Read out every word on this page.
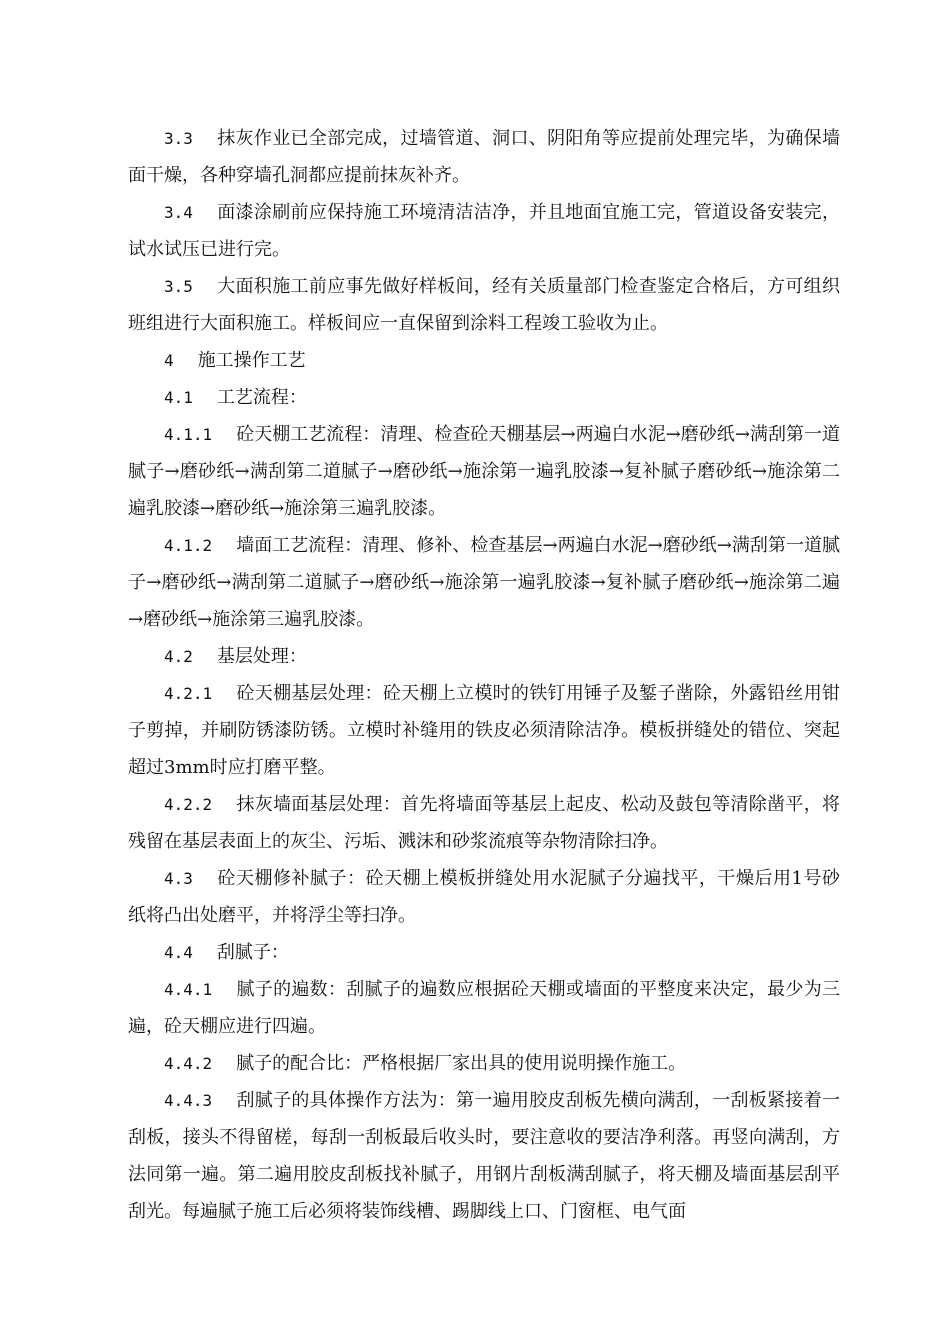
3.3 抹灰作业已全部完成，过墙管道、洞口、阴阳角等应提前处理完毕，为确保墙面干燥，各种穿墙孔洞都应提前抹灰补齐。

3.4 面漆涂刷前应保持施工环境清洁洁净，并且地面宜施工完，管道设备安装完，试水试压已进行完。

3.5 大面积施工前应事先做好样板间，经有关质量部门检查鉴定合格后，方可组织班组进行大面积施工。样板间应一直保留到涂料工程竣工验收为止。

4 施工操作工艺

4.1 工艺流程：

4.1.1 砼天棚工艺流程：清理、检查砼天棚基层→两遍白水泥→磨砂纸→满刮第一道腻子→磨砂纸→满刮第二道腻子→磨砂纸→施涂第一遍乳胶漆→复补腻子磨砂纸→施涂第二遍乳胶漆→磨砂纸→施涂第三遍乳胶漆。

4.1.2 墙面工艺流程：清理、修补、检查基层→两遍白水泥→磨砂纸→满刮第一道腻子→磨砂纸→满刮第二道腻子→磨砂纸→施涂第一遍乳胶漆→复补腻子磨砂纸→施涂第二遍→磨砂纸→施涂第三遍乳胶漆。

4.2 基层处理：

4.2.1 砼天棚基层处理：砼天棚上立模时的铁钉用锤子及錾子凿除，外露铅丝用钳子剪掉，并刷防锈漆防锈。立模时补缝用的铁皮必须清除洁净。模板拼缝处的错位、突起超过3mm时应打磨平整。

4.2.2 抹灰墙面基层处理：首先将墙面等基层上起皮、松动及鼓包等清除凿平，将残留在基层表面上的灰尘、污垢、溅沫和砂浆流痕等杂物清除扫净。

4.3 砼天棚修补腻子：砼天棚上模板拼缝处用水泥腻子分遍找平，干燥后用1号砂纸将凸出处磨平，并将浮尘等扫净。

4.4 刮腻子：

4.4.1 腻子的遍数：刮腻子的遍数应根据砼天棚或墙面的平整度来决定，最少为三遍，砼天棚应进行四遍。

4.4.2 腻子的配合比：严格根据厂家出具的使用说明操作施工。

4.4.3 刮腻子的具体操作方法为：第一遍用胶皮刮板先横向满刮，一刮板紧接着一刮板，接头不得留槎，每刮一刮板最后收头时，要注意收的要洁净利落。再竖向满刮，方法同第一遍。第二遍用胶皮刮板找补腻子，用钢片刮板满刮腻子，将天棚及墙面基层刮平刮光。每遍腻子施工后必须将装饰线槽、踢脚线上口、门窗框、电气面
